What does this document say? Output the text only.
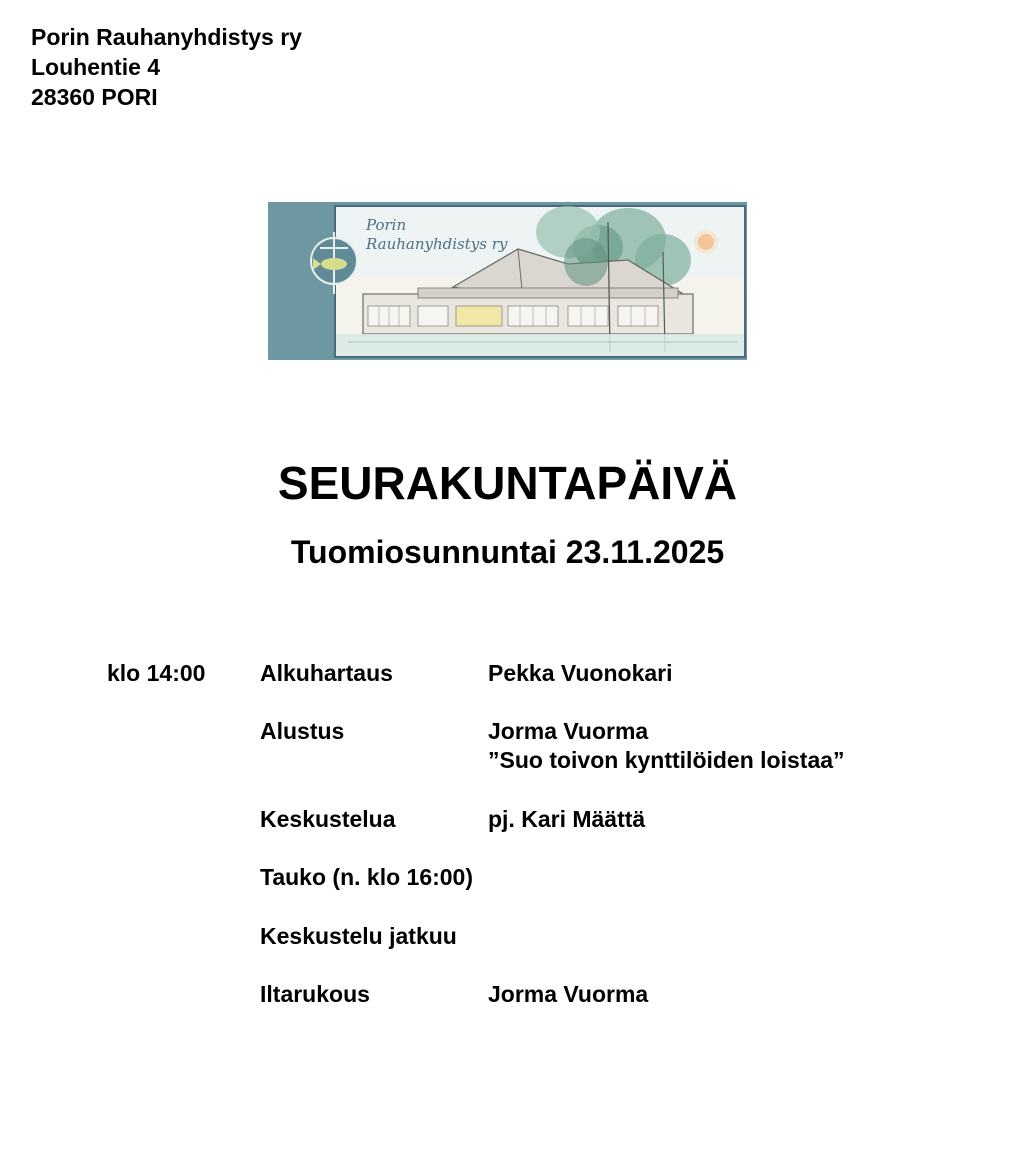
Porin Rauhanyhdistys ry
Louhentie 4
28360 PORI
Porin
Rauhanyhdistys ry
SEURAKUNTAPÄIVÄ
Tuomiosunnuntai 23.11.2025
klo 14:00 Alkuhartaus	Pekka Vuonokari
Alustus	Jorma Vuorma
”Suo toivon kynttilöiden loistaa”
Keskustelua	pj. Kari Määttä
Tauko (n. klo 16:00)
Keskustelu jatkuu
Iltarukous	Jorma Vuorma
